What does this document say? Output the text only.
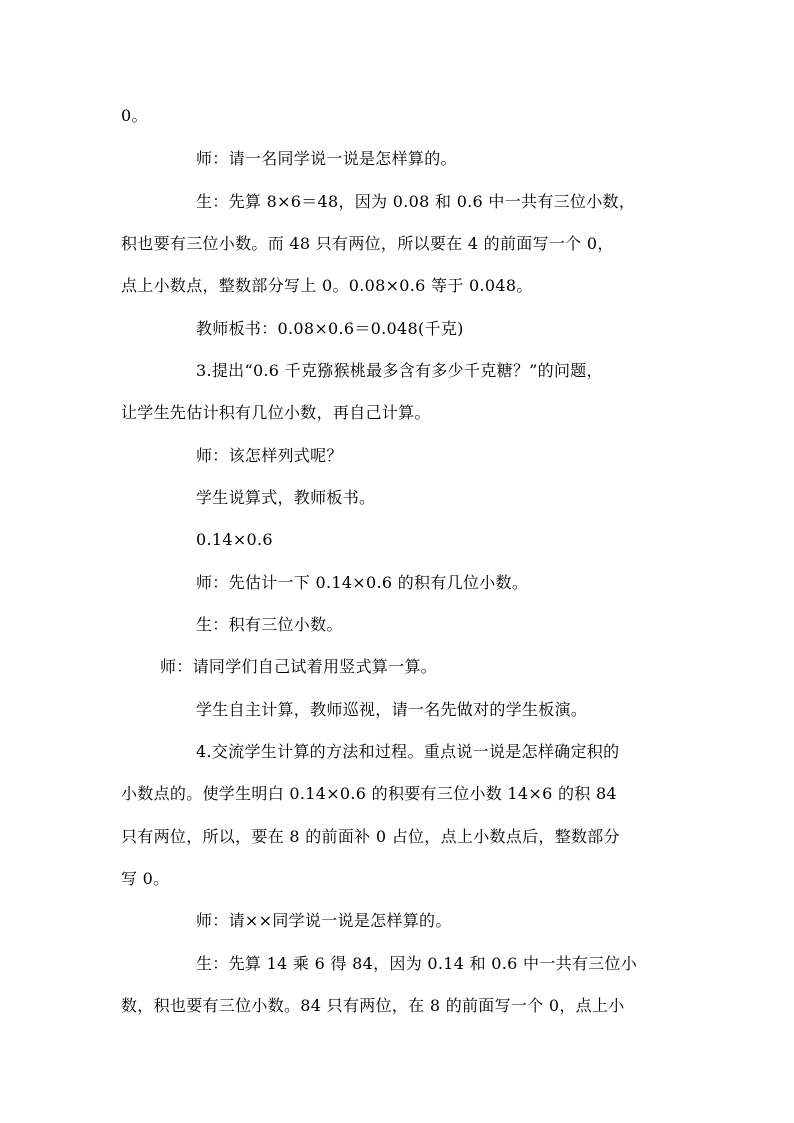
0。
师：请一名同学说一说是怎样算的。
生：先算 8×6＝48，因为 0.08 和 0.6 中一共有三位小数，
积也要有三位小数。而 48 只有两位，所以要在 4 的前面写一个 0，
点上小数点，整数部分写上 0。0.08×0.6 等于 0.048。
教师板书：0.08×0.6＝0.048(千克)
3.提出“0.6 千克猕猴桃最多含有多少千克糖？”的问题，
让学生先估计积有几位小数，再自己计算。
师：该怎样列式呢？
学生说算式，教师板书。
0.14×0.6
师：先估计一下 0.14×0.6 的积有几位小数。
生：积有三位小数。
师：请同学们自己试着用竖式算一算。
学生自主计算，教师巡视，请一名先做对的学生板演。
4.交流学生计算的方法和过程。重点说一说是怎样确定积的
小数点的。使学生明白 0.14×0.6 的积要有三位小数 14×6 的积 84
只有两位，所以，要在 8 的前面补 0 占位，点上小数点后，整数部分
写 0。
师：请××同学说一说是怎样算的。
生：先算 14 乘 6 得 84，因为 0.14 和 0.6 中一共有三位小
数，积也要有三位小数。84 只有两位，在 8 的前面写一个 0，点上小
